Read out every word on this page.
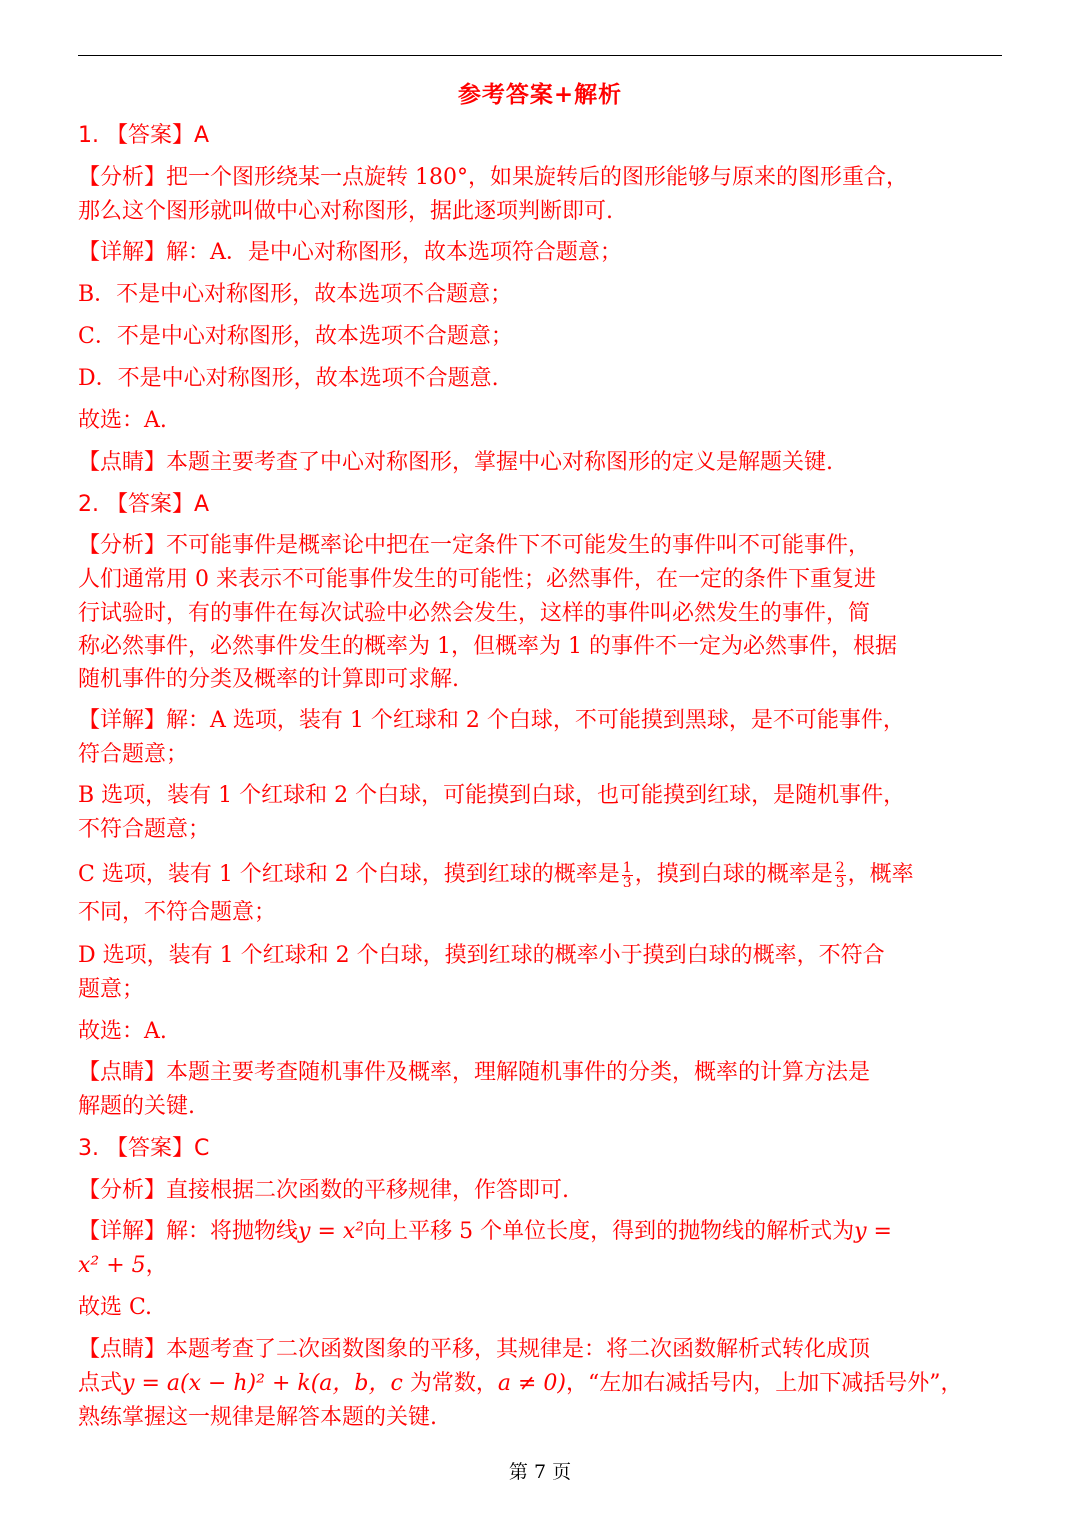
参考答案+解析
1. 【答案】A
【分析】把一个图形绕某一点旋转 180°，如果旋转后的图形能够与原来的图形重合，
那么这个图形就叫做中心对称图形，据此逐项判断即可.
【详解】解：A．是中心对称图形，故本选项符合题意；
B．不是中心对称图形，故本选项不合题意；
C．不是中心对称图形，故本选项不合题意；
D．不是中心对称图形，故本选项不合题意.
故选：A.
【点睛】本题主要考查了中心对称图形，掌握中心对称图形的定义是解题关键.
2. 【答案】A
【分析】不可能事件是概率论中把在一定条件下不可能发生的事件叫不可能事件，
人们通常用 0 来表示不可能事件发生的可能性；必然事件，在一定的条件下重复进
行试验时，有的事件在每次试验中必然会发生，这样的事件叫必然发生的事件，简
称必然事件，必然事件发生的概率为 1，但概率为 1 的事件不一定为必然事件，根据
随机事件的分类及概率的计算即可求解.
【详解】解：A 选项，装有 1 个红球和 2 个白球，不可能摸到黑球，是不可能事件，
符合题意；
B 选项，装有 1 个红球和 2 个白球，可能摸到白球，也可能摸到红球，是随机事件，
不符合题意；
C 选项，装有 1 个红球和 2 个白球，摸到红球的概率是 $\frac{1}{3}$ ，摸到白球的概率是 $\frac{2}{3}$ ，概率
不同，不符合题意；
D 选项，装有 1 个红球和 2 个白球，摸到红球的概率小于摸到白球的概率，不符合
题意；
故选：A.
【点睛】本题主要考查随机事件及概率，理解随机事件的分类，概率的计算方法是
解题的关键.
3. 【答案】C
【分析】直接根据二次函数的平移规律，作答即可.
【详解】解：将抛物线y = x²向上平移 5 个单位长度，得到的抛物线的解析式为y =
x² + 5，
故选 C.
【点睛】本题考查了二次函数图象的平移，其规律是：将二次函数解析式转化成顶
点式y = a(x − h)² + k(a，b，c 为常数，a ≠ 0)，“左加右减括号内，上加下减括号外”，
熟练掌握这一规律是解答本题的关键.
第 7 页
